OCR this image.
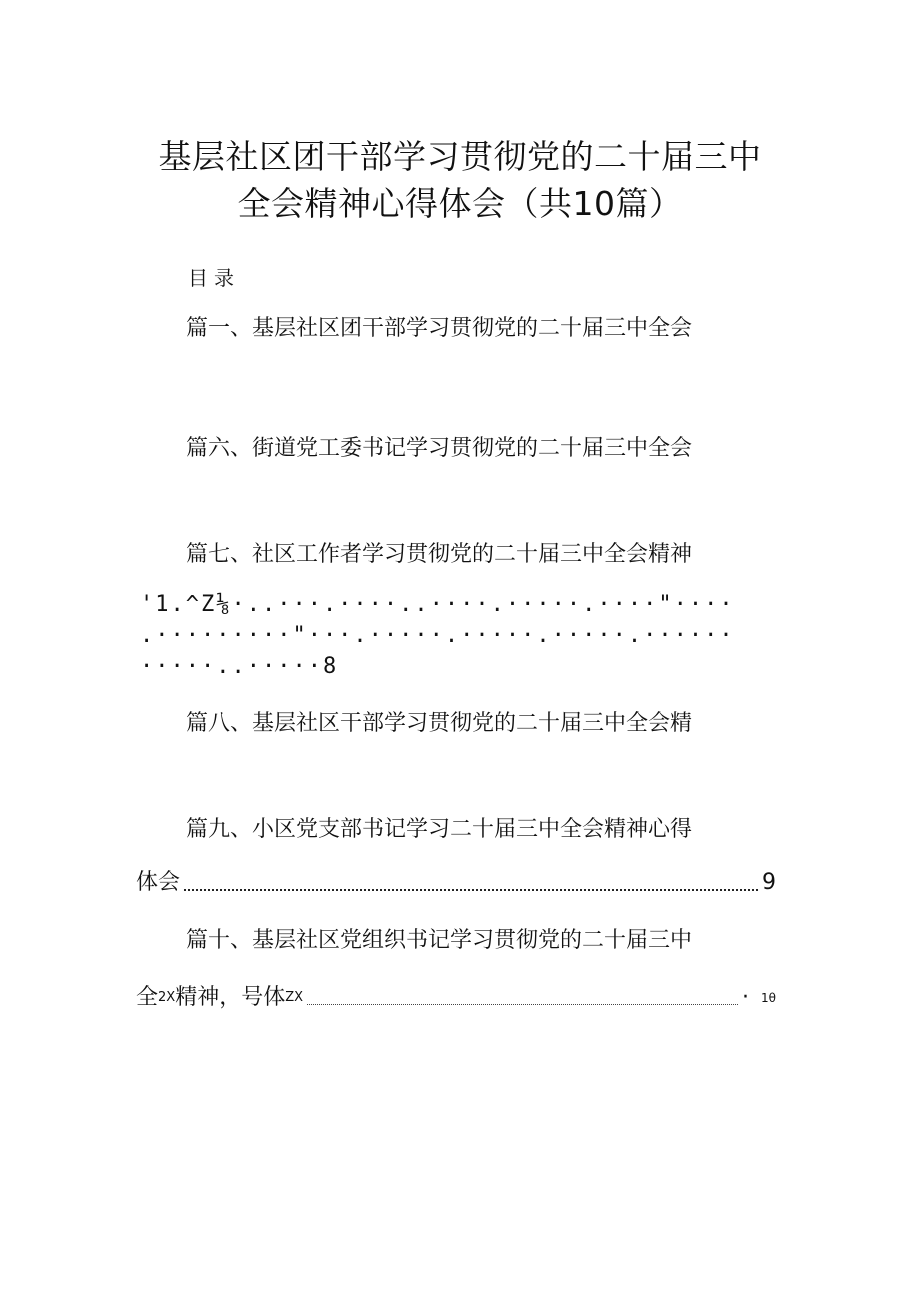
基层社区团干部学习贯彻党的二十届三中
全会精神心得体会（共10篇）
目录
篇一、基层社区团干部学习贯彻党的二十届三中全会
篇六、街道党工委书记学习贯彻党的二十届三中全会
篇七、社区工作者学习贯彻党的二十届三中全会精神
'1.^Z⅛·..···.····..····.·····.····"····
.·········"···.·····.·····.·····.······
·····..·····8
篇八、基层社区干部学习贯彻党的二十届三中全会精
篇九、小区党支部书记学习二十届三中全会精神心得
体会	9
篇十、基层社区党组织书记学习贯彻党的二十届三中
全 2X 精神，号体 ZX	· 1θ
